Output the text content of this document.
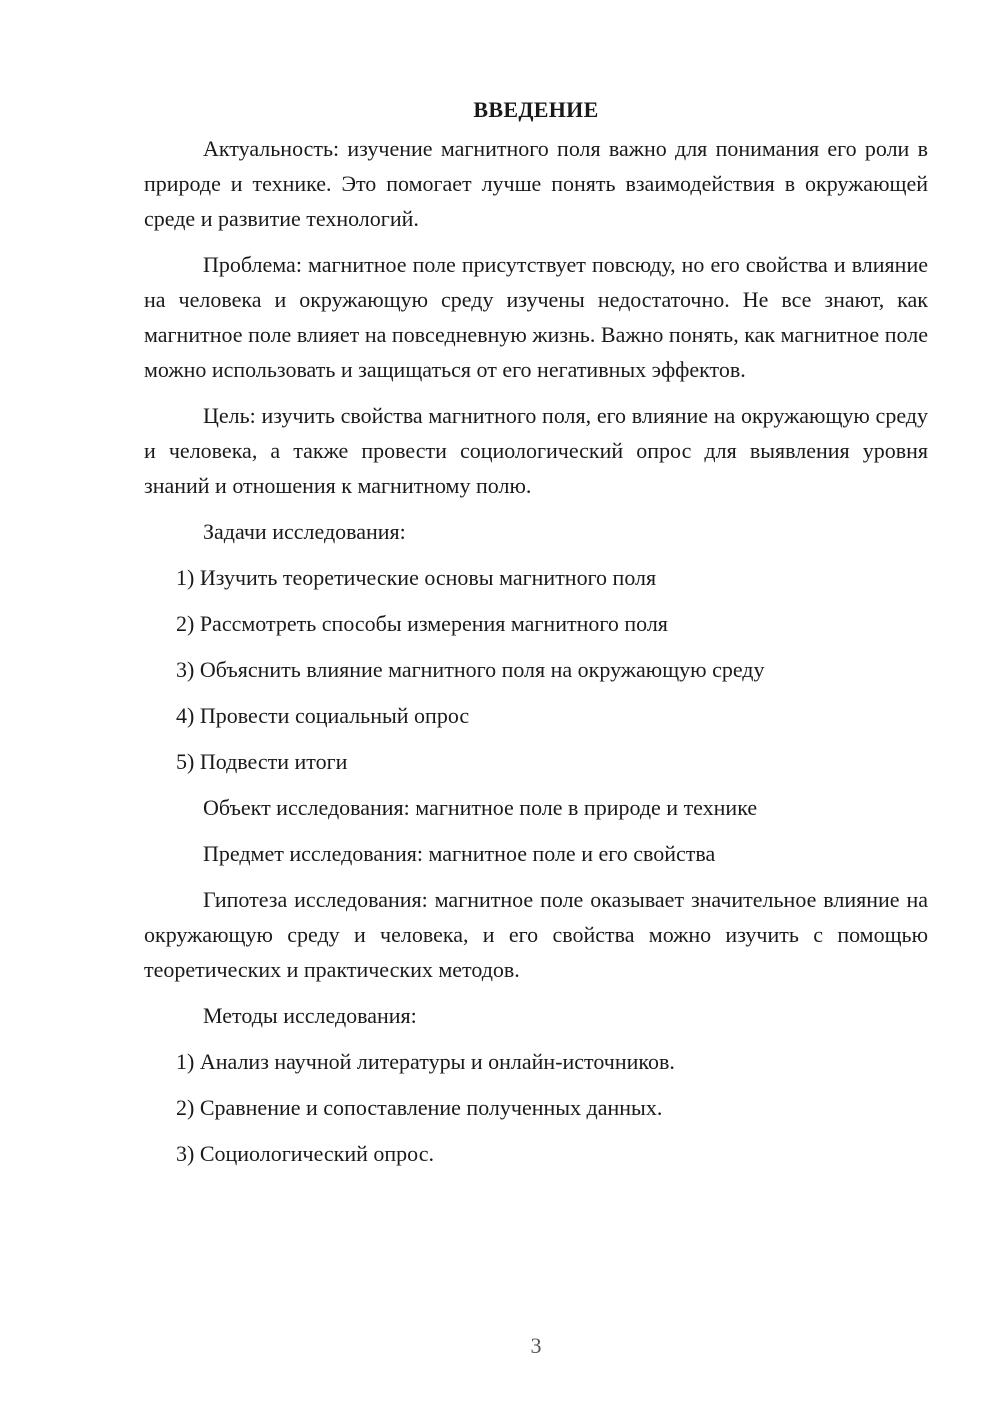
ВВЕДЕНИЕ

Актуальность: изучение магнитного поля важно для понимания его роли в природе и технике. Это помогает лучше понять взаимодействия в окружающей среде и развитие технологий.

Проблема: магнитное поле присутствует повсюду, но его свойства и влияние на человека и окружающую среду изучены недостаточно. Не все знают, как магнитное поле влияет на повседневную жизнь. Важно понять, как магнитное поле можно использовать и защищаться от его негативных эффектов.

Цель: изучить свойства магнитного поля, его влияние на окружающую среду и человека, а также провести социологический опрос для выявления уровня знаний и отношения к магнитному полю.

Задачи исследования:

1) Изучить теоретические основы магнитного поля

2) Рассмотреть способы измерения магнитного поля

3) Объяснить влияние магнитного поля на окружающую среду

4) Провести социальный опрос

5) Подвести итоги

Объект исследования: магнитное поле в природе и технике

Предмет исследования: магнитное поле и его свойства

Гипотеза исследования: магнитное поле оказывает значительное влияние на окружающую среду и человека, и его свойства можно изучить с помощью теоретических и практических методов.

Методы исследования:

1) Анализ научной литературы и онлайн-источников.

2) Сравнение и сопоставление полученных данных.

3) Социологический опрос.

3
